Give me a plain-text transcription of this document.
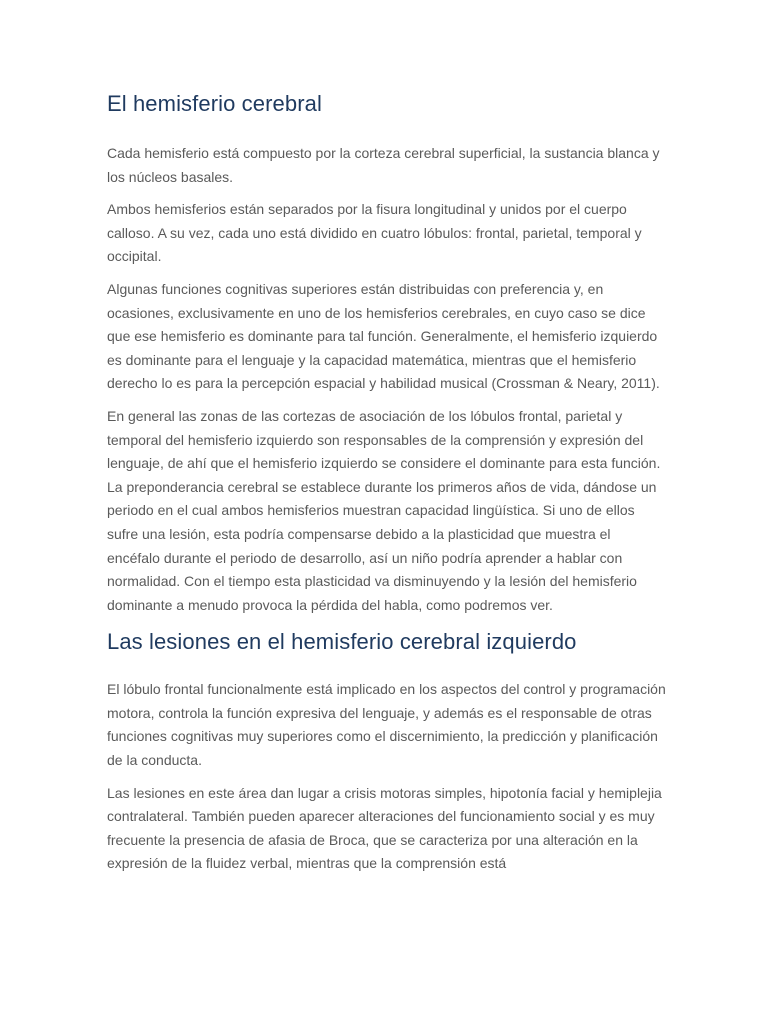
El hemisferio cerebral

Cada hemisferio está compuesto por la corteza cerebral superficial, la sustancia blanca y los núcleos basales.

Ambos hemisferios están separados por la fisura longitudinal y unidos por el cuerpo calloso. A su vez, cada uno está dividido en cuatro lóbulos: frontal, parietal, temporal y occipital.

Algunas funciones cognitivas superiores están distribuidas con preferencia y, en ocasiones, exclusivamente en uno de los hemisferios cerebrales, en cuyo caso se dice que ese hemisferio es dominante para tal función. Generalmente, el hemisferio izquierdo es dominante para el lenguaje y la capacidad matemática, mientras que el hemisferio derecho lo es para la percepción espacial y habilidad musical (Crossman & Neary, 2011).

En general las zonas de las cortezas de asociación de los lóbulos frontal, parietal y temporal del hemisferio izquierdo son responsables de la comprensión y expresión del lenguaje, de ahí que el hemisferio izquierdo se considere el dominante para esta función. La preponderancia cerebral se establece durante los primeros años de vida, dándose un periodo en el cual ambos hemisferios muestran capacidad lingüística. Si uno de ellos sufre una lesión, esta podría compensarse debido a la plasticidad que muestra el encéfalo durante el periodo de desarrollo, así un niño podría aprender a hablar con normalidad. Con el tiempo esta plasticidad va disminuyendo y la lesión del hemisferio dominante a menudo provoca la pérdida del habla, como podremos ver.

Las lesiones en el hemisferio cerebral izquierdo

El lóbulo frontal funcionalmente está implicado en los aspectos del control y programación motora, controla la función expresiva del lenguaje, y además es el responsable de otras funciones cognitivas muy superiores como el discernimiento, la predicción y planificación de la conducta.

Las lesiones en este área dan lugar a crisis motoras simples, hipotonía facial y hemiplejia contralateral. También pueden aparecer alteraciones del funcionamiento social y es muy frecuente la presencia de afasia de Broca, que se caracteriza por una alteración en la expresión de la fluidez verbal, mientras que la comprensión está
